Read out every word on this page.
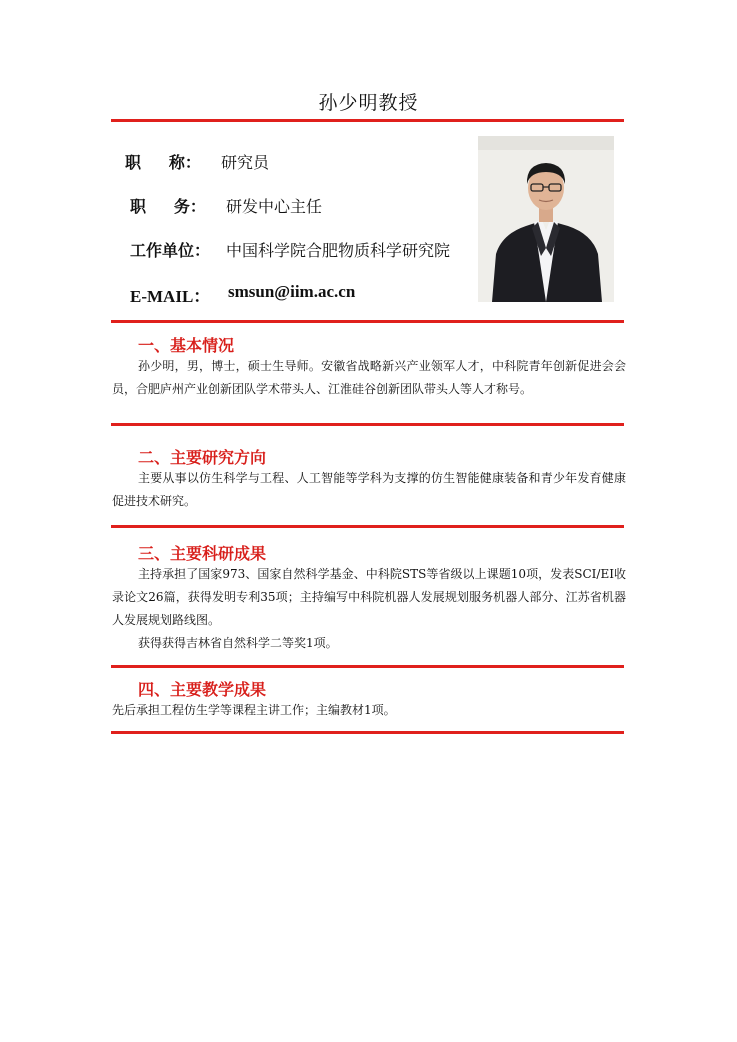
孙少明教授
职     称： 研究员
职     务： 研发中心主任
工作单位： 中国科学院合肥物质科学研究院
E-MAIL： smsun@iim.ac.cn
一、基本情况

孙少明，男，博士，硕士生导师。安徽省战略新兴产业领军人才，中科院青年创新促进会会员，合肥庐州产业创新团队学术带头人、江淮硅谷创新团队带头人等人才称号。

二、主要研究方向

主要从事以仿生科学与工程、人工智能等学科为支撑的仿生智能健康装备和青少年发育健康促进技术研究。

三、主要科研成果

主持承担了国家973、国家自然科学基金、中科院STS等省级以上课题10项，发表SCI/EI收录论文26篇，获得发明专利35项；主持编写中科院机器人发展规划服务机器人部分、江苏省机器人发展规划路线图。

获得获得吉林省自然科学二等奖1项。

四、主要教学成果

先后承担工程仿生学等课程主讲工作；主编教材1项。
